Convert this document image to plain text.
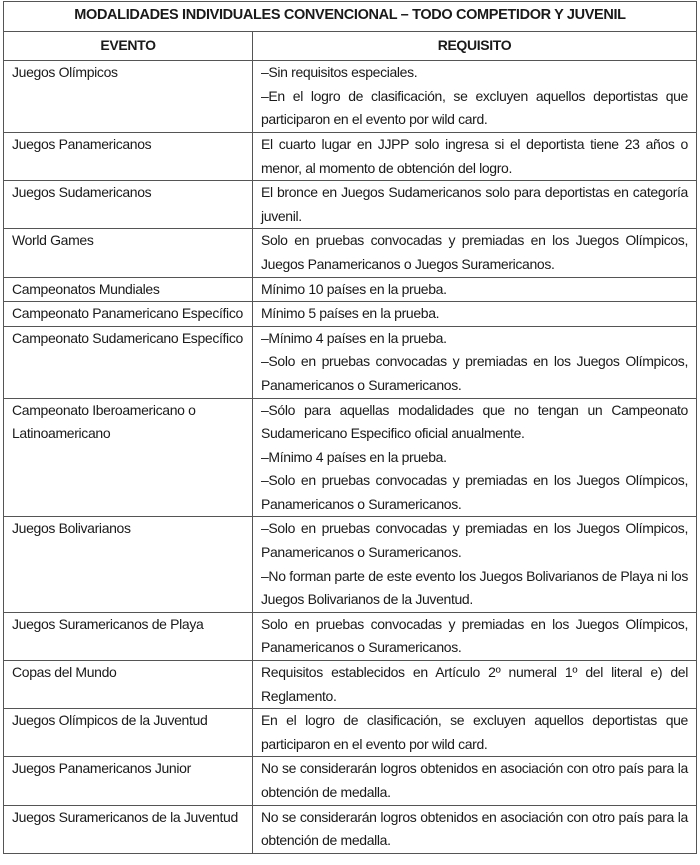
MODALIDADES INDIVIDUALES CONVENCIONAL – TODO COMPETIDOR Y JUVENIL	
EVENTO	REQUISITO
Juegos Olímpicos	–Sin requisitos especiales.
–En el logro de clasificación, se excluyen aquellos deportistas que participaron en el evento por wild card.

Juegos Panamericanos	El cuarto lugar en JJPP solo ingresa si el deportista tiene 23 años o menor, al momento de obtención del logro.

Juegos Sudamericanos	El bronce en Juegos Sudamericanos solo para deportistas en categoría juvenil.

World Games	Solo en pruebas convocadas y premiadas en los Juegos Olímpicos, Juegos Panamericanos o Juegos Suramericanos.

Campeonatos Mundiales	Mínimo 10 países en la prueba.

Campeonato Panamericano Específico	Mínimo 5 países en la prueba.

Campeonato Sudamericano Específico	–Mínimo 4 países en la prueba.
–Solo en pruebas convocadas y premiadas en los Juegos Olímpicos, Panamericanos o Suramericanos.

Campeonato Iberoamericano o Latinoamericano	–Sólo para aquellas modalidades que no tengan un Campeonato Sudamericano Especifico oficial anualmente.
–Mínimo 4 países en la prueba.
–Solo en pruebas convocadas y premiadas en los Juegos Olímpicos, Panamericanos o Suramericanos.

Juegos Bolivarianos	–Solo en pruebas convocadas y premiadas en los Juegos Olímpicos, Panamericanos o Suramericanos.
–No forman parte de este evento los Juegos Bolivarianos de Playa ni los Juegos Bolivarianos de la Juventud.

Juegos Suramericanos de Playa	Solo en pruebas convocadas y premiadas en los Juegos Olímpicos, Panamericanos o Suramericanos.

Copas del Mundo	Requisitos establecidos en Artículo 2º numeral 1º del literal e) del Reglamento.

Juegos Olímpicos de la Juventud	En el logro de clasificación, se excluyen aquellos deportistas que participaron en el evento por wild card.

Juegos Panamericanos Junior	No se considerarán logros obtenidos en asociación con otro país para la obtención de medalla.

Juegos Suramericanos de la Juventud	No se considerarán logros obtenidos en asociación con otro país para la obtención de medalla.
